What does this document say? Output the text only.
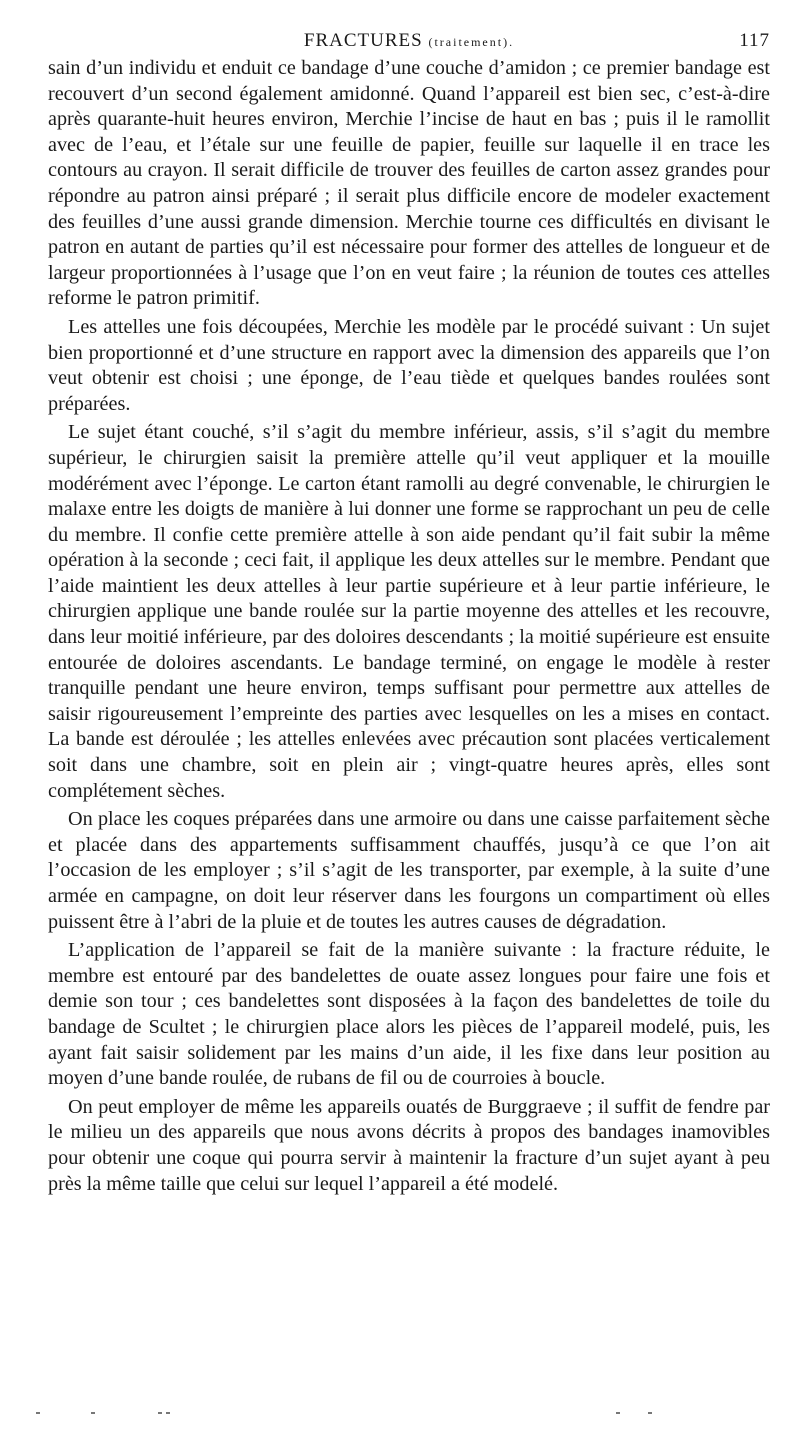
FRACTURES (traitement).	117

sain d’un individu et enduit ce bandage d’une couche d’amidon ; ce premier bandage est recouvert d’un second également amidonné. Quand l’appareil est bien sec, c’est-à-dire après quarante-huit heures environ, Merchie l’incise de haut en bas ; puis il le ramollit avec de l’eau, et l’étale sur une feuille de papier, feuille sur laquelle il en trace les contours au crayon. Il serait difficile de trouver des feuilles de carton assez grandes pour répondre au patron ainsi préparé ; il serait plus difficile encore de modeler exactement des feuilles d’une aussi grande dimension. Merchie tourne ces difficultés en divisant le patron en autant de parties qu’il est nécessaire pour former des attelles de longueur et de largeur proportionnées à l’usage que l’on en veut faire ; la réunion de toutes ces attelles reforme le patron primitif.

Les attelles une fois découpées, Merchie les modèle par le procédé suivant : Un sujet bien proportionné et d’une structure en rapport avec la dimension des appareils que l’on veut obtenir est choisi ; une éponge, de l’eau tiède et quelques bandes roulées sont préparées.

Le sujet étant couché, s’il s’agit du membre inférieur, assis, s’il s’agit du membre supérieur, le chirurgien saisit la première attelle qu’il veut appliquer et la mouille modérément avec l’éponge. Le carton étant ramolli au degré convenable, le chirurgien le malaxe entre les doigts de manière à lui donner une forme se rapprochant un peu de celle du membre. Il confie cette première attelle à son aide pendant qu’il fait subir la même opération à la seconde ; ceci fait, il applique les deux attelles sur le membre. Pendant que l’aide maintient les deux attelles à leur partie supérieure et à leur partie inférieure, le chirurgien applique une bande roulée sur la partie moyenne des attelles et les recouvre, dans leur moitié inférieure, par des doloires descendants ; la moitié supérieure est ensuite entourée de doloires ascendants. Le bandage terminé, on engage le modèle à rester tranquille pendant une heure environ, temps suffisant pour permettre aux attelles de saisir rigoureusement l’empreinte des parties avec lesquelles on les a mises en contact. La bande est déroulée ; les attelles enlevées avec précaution sont placées verticalement soit dans une chambre, soit en plein air ; vingt-quatre heures après, elles sont complétement sèches.

On place les coques préparées dans une armoire ou dans une caisse parfaitement sèche et placée dans des appartements suffisamment chauffés, jusqu’à ce que l’on ait l’occasion de les employer ; s’il s’agit de les transporter, par exemple, à la suite d’une armée en campagne, on doit leur réserver dans les fourgons un compartiment où elles puissent être à l’abri de la pluie et de toutes les autres causes de dégradation.

L’application de l’appareil se fait de la manière suivante : la fracture réduite, le membre est entouré par des bandelettes de ouate assez longues pour faire une fois et demie son tour ; ces bandelettes sont disposées à la façon des bandelettes de toile du bandage de Scultet ; le chirurgien place alors les pièces de l’appareil modelé, puis, les ayant fait saisir solidement par les mains d’un aide, il les fixe dans leur position au moyen d’une bande roulée, de rubans de fil ou de courroies à boucle.

On peut employer de même les appareils ouatés de Burggraeve ; il suffit de fendre par le milieu un des appareils que nous avons décrits à propos des bandages inamovibles pour obtenir une coque qui pourra servir à maintenir la fracture d’un sujet ayant à peu près la même taille que celui sur lequel l’appareil a été modelé.
